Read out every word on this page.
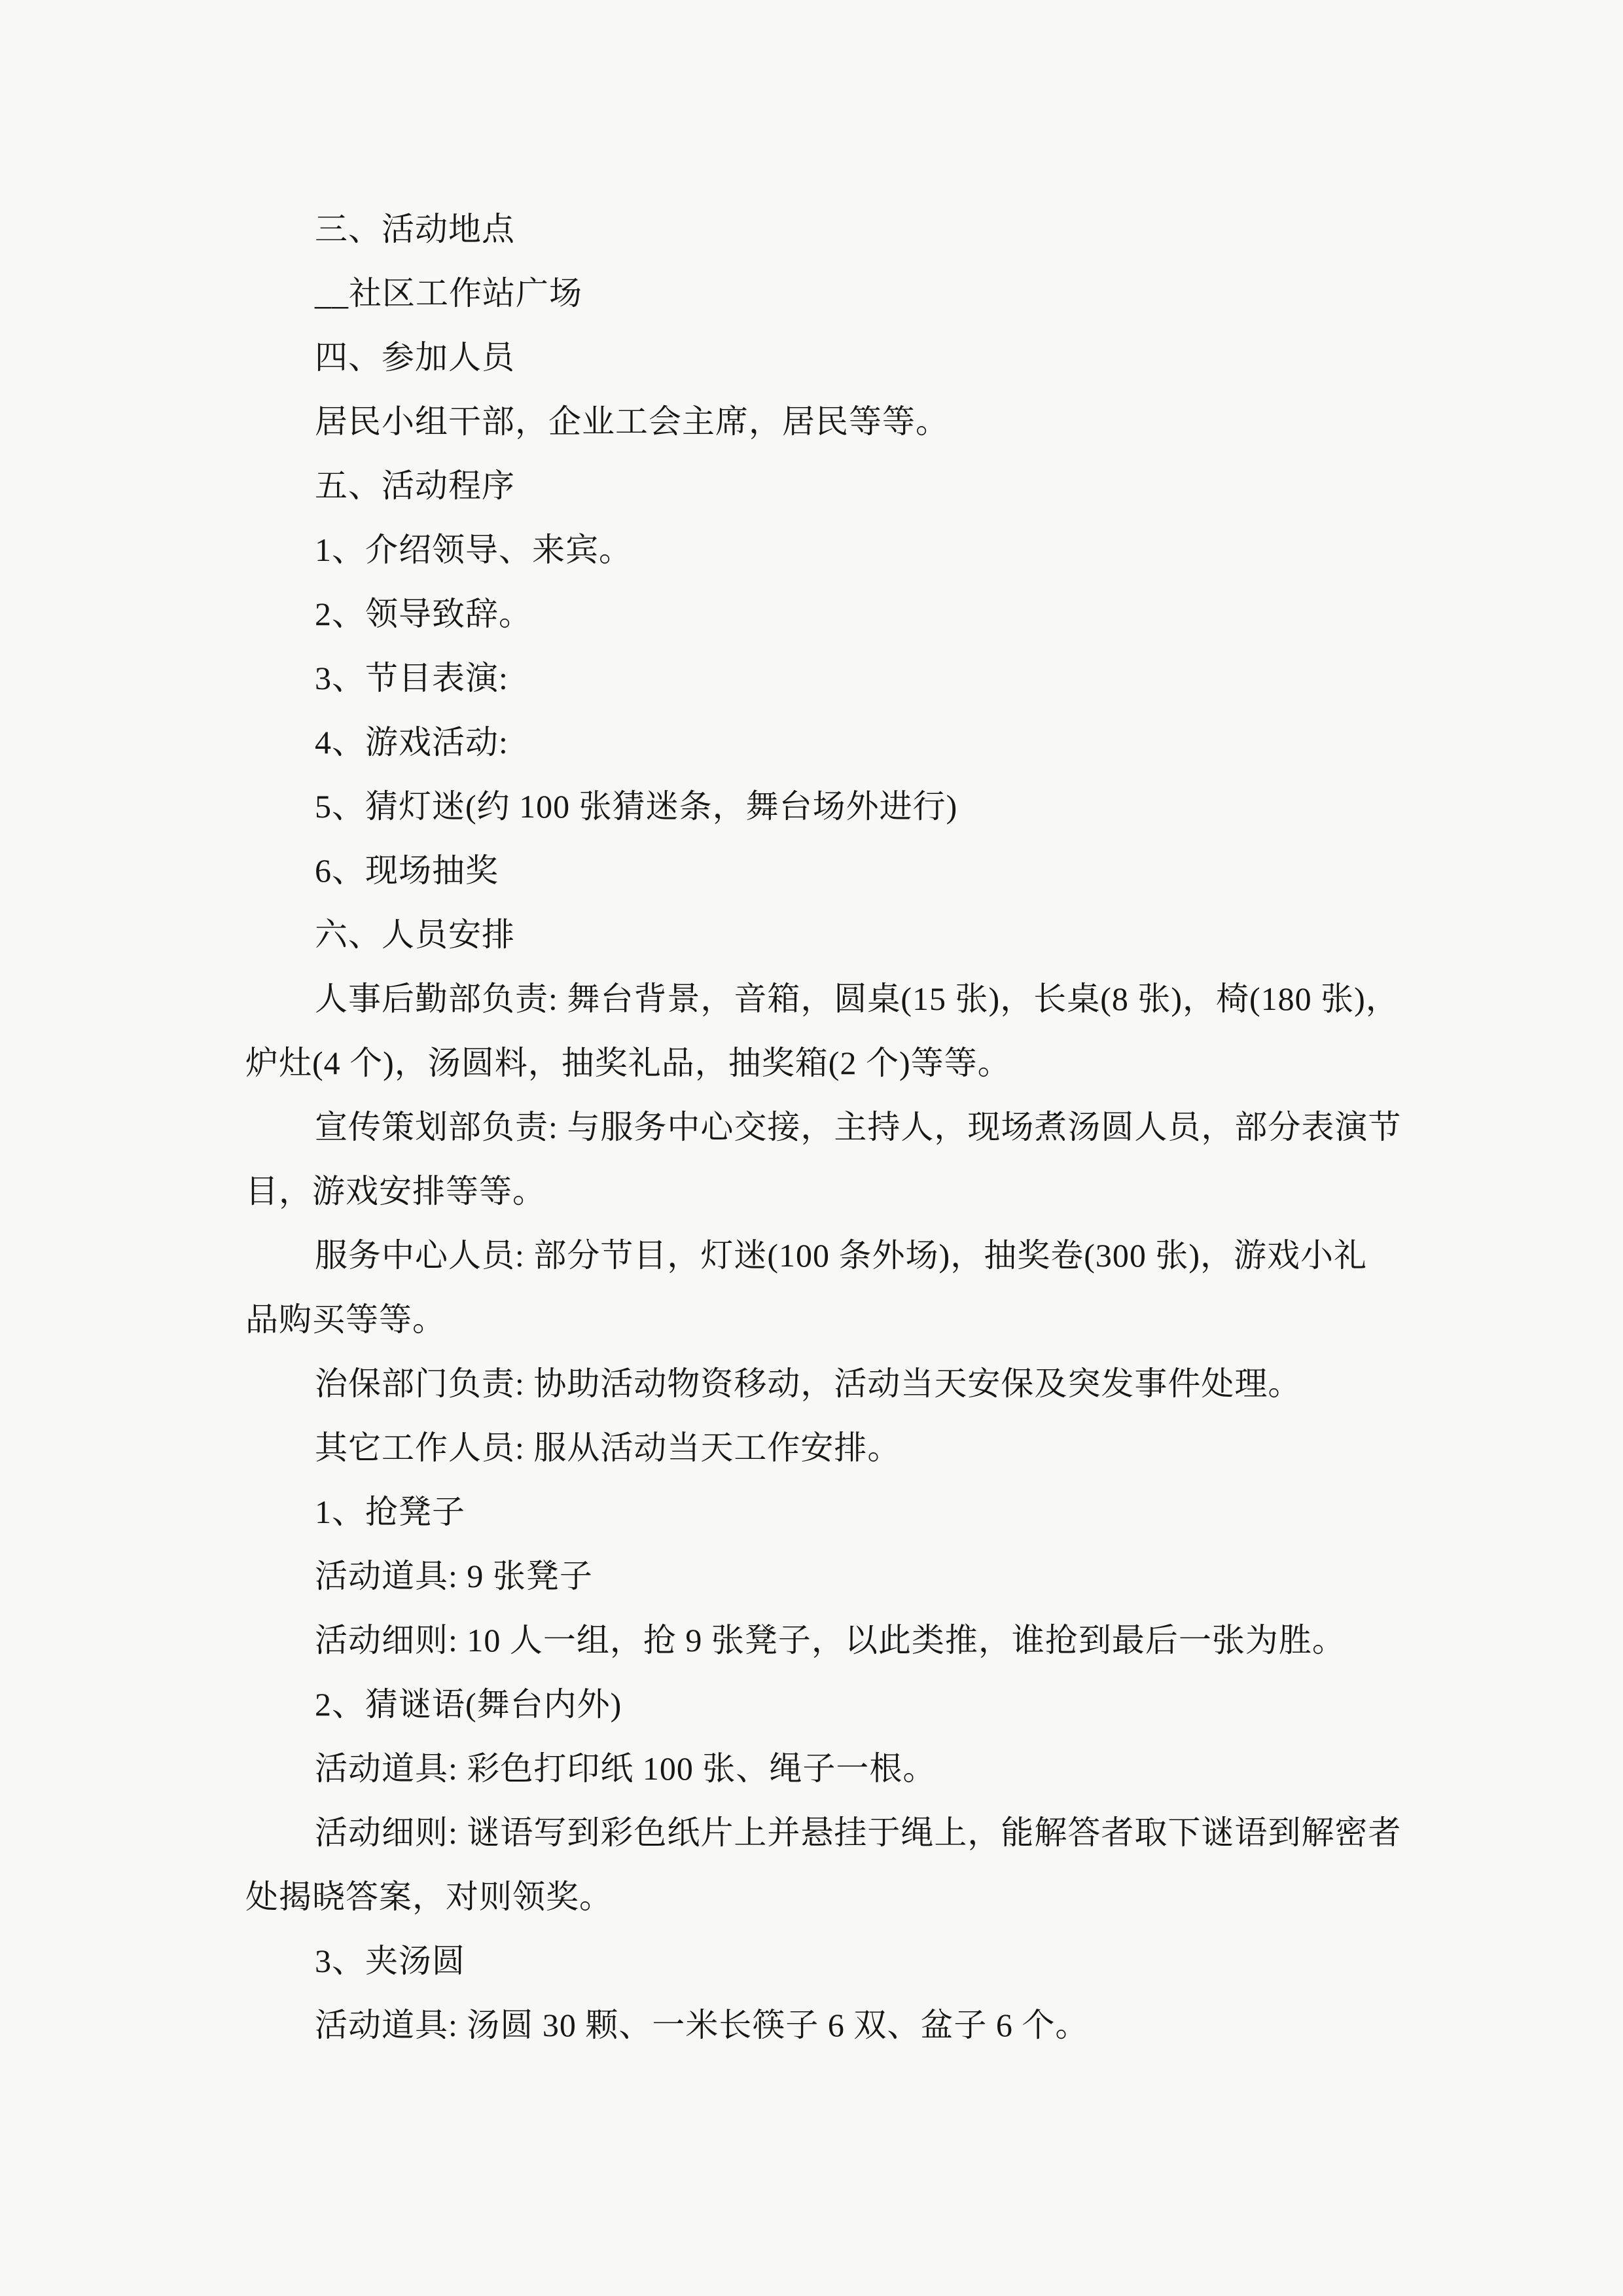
三、活动地点
__社区工作站广场
四、参加人员
居民小组干部，企业工会主席，居民等等。
五、活动程序
1、介绍领导、来宾。
2、领导致辞。
3、节目表演:
4、游戏活动:
5、猜灯迷(约 100 张猜迷条，舞台场外进行)
6、现场抽奖
六、人员安排
人事后勤部负责: 舞台背景，音箱，圆桌(15 张)，长桌(8 张)，椅(180 张)，
炉灶(4 个)，汤圆料，抽奖礼品，抽奖箱(2 个)等等。
宣传策划部负责: 与服务中心交接，主持人，现场煮汤圆人员，部分表演节
目，游戏安排等等。
服务中心人员: 部分节目，灯迷(100 条外场)，抽奖卷(300 张)，游戏小礼
品购买等等。
治保部门负责: 协助活动物资移动，活动当天安保及突发事件处理。
其它工作人员: 服从活动当天工作安排。
1、抢凳子
活动道具: 9 张凳子
活动细则: 10 人一组，抢 9 张凳子，以此类推，谁抢到最后一张为胜。
2、猜谜语(舞台内外)
活动道具: 彩色打印纸 100 张、绳子一根。
活动细则: 谜语写到彩色纸片上并悬挂于绳上，能解答者取下谜语到解密者
处揭晓答案，对则领奖。
3、夹汤圆
活动道具: 汤圆 30 颗、一米长筷子 6 双、盆子 6 个。
